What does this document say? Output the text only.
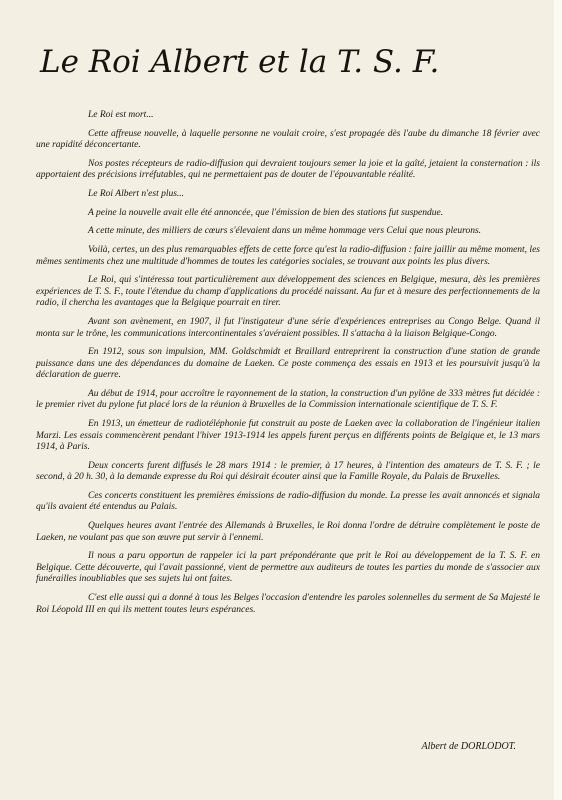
Le Roi Albert et la T. S. F.

Le Roi est mort...

Cette affreuse nouvelle, à laquelle personne ne voulait croire, s'est propagée dès l'aube du dimanche 18 février avec une rapidité déconcertante.

Nos postes récepteurs de radio-diffusion qui devraient toujours semer la joie et la gaîté, jetaient la consternation : ils apportaient des précisions irréfutables, qui ne permettaient pas de douter de l'épouvantable réalité.

Le Roi Albert n'est plus...

A peine la nouvelle avait elle été annoncée, que l'émission de bien des stations fut suspendue.

A cette minute, des milliers de cœurs s'élevaient dans un même hommage vers Celui que nous pleurons.

Voilà, certes, un des plus remarquables effets de cette force qu'est la radio-diffusion : faire jaillir au même moment, les mêmes sentiments chez une multitude d'hommes de toutes les catégories sociales, se trouvant aux points les plus divers.

Le Roi, qui s'intéressa tout particulièrement aux développement des sciences en Belgique, mesura, dès les premières expériences de T. S. F., toute l'étendue du champ d'applications du procédé naissant. Au fur et à mesure des perfectionnements de la radio, il chercha les avantages que la Belgique pourrait en tirer.

Avant son avènement, en 1907, il fut l'instigateur d'une série d'expériences entreprises au Congo Belge. Quand il monta sur le trône, les communications intercontinentales s'avéraient possibles. Il s'attacha à la liaison Belgique-Congo.

En 1912, sous son impulsion, MM. Goldschmidt et Braillard entreprirent la construction d'une station de grande puissance dans une des dépendances du domaine de Laeken. Ce poste commença des essais en 1913 et les poursuivit jusqu'à la déclaration de guerre.

Au début de 1914, pour accroître le rayonnement de la station, la construction d'un pylône de 333 mètres fut décidée : le premier rivet du pylone fut placé lors de la réunion à Bruxelles de la Commission internationale scientifique de T. S. F.

En 1913, un émetteur de radiotéléphonie fut construit au poste de Laeken avec la collaboration de l'ingénieur italien Marzi. Les essais commencèrent pendant l'hiver 1913-1914 les appels furent perçus en différents points de Belgique et, le 13 mars 1914, à Paris.

Deux concerts furent diffusés le 28 mars 1914 : le premier, à 17 heures, à l'intention des amateurs de T. S. F. ; le second, à 20 h. 30, à la demande expresse du Roi qui désirait écouter ainsi que la Famille Royale, du Palais de Bruxelles.

Ces concerts constituent les premières émissions de radio-diffusion du monde. La presse les avait annoncés et signala qu'ils avaient été entendus au Palais.

Quelques heures avant l'entrée des Allemands à Bruxelles, le Roi donna l'ordre de détruire complètement le poste de Laeken, ne voulant pas que son œuvre put servir à l'ennemi.

Il nous a paru opportun de rappeler ici la part prépondérante que prit le Roi au développement de la T. S. F. en Belgique. Cette découverte, qui l'avait passionné, vient de permettre aux auditeurs de toutes les parties du monde de s'associer aux funérailles inoubliables que ses sujets lui ont faites.

C'est elle aussi qui a donné à tous les Belges l'occasion d'entendre les paroles solennelles du serment de Sa Majesté le Roi Léopold III en qui ils mettent toutes leurs espérances.

Albert de DORLODOT.
